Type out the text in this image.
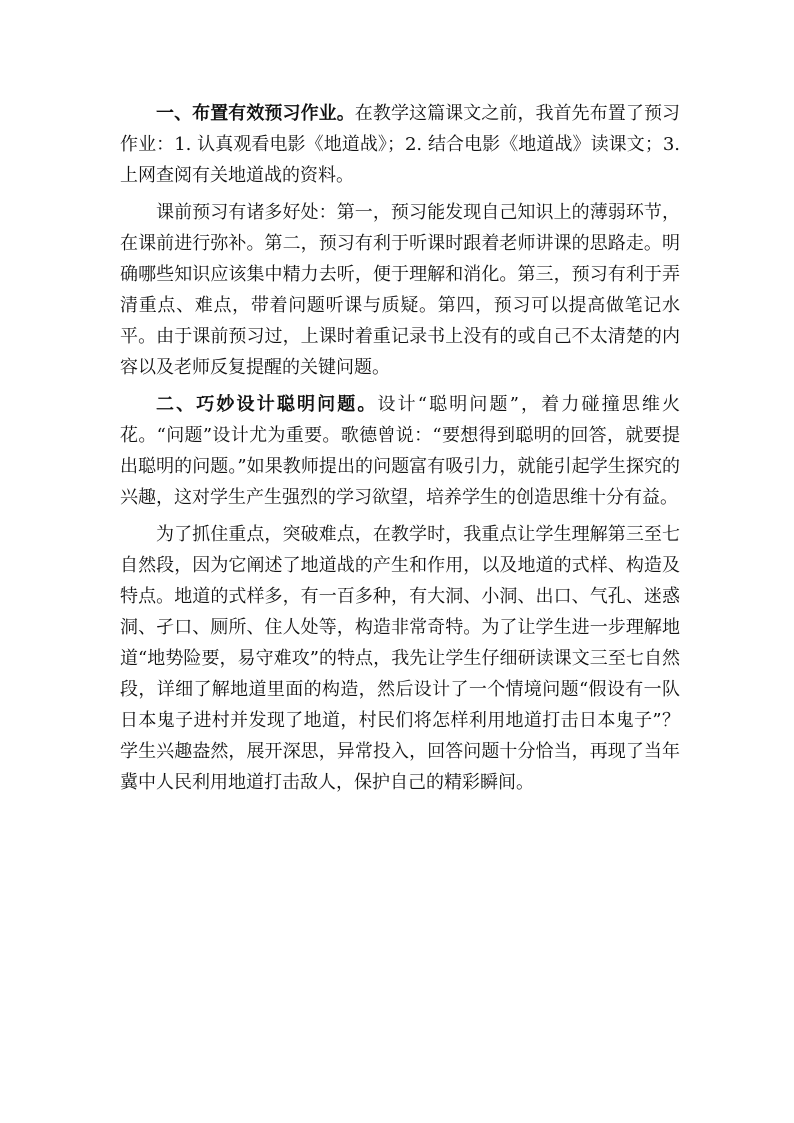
一、布置有效预习作业。在教学这篇课文之前，我首先布置了预习作业：1. 认真观看电影《地道战》；2. 结合电影《地道战》读课文；3. 上网查阅有关地道战的资料。

课前预习有诸多好处：第一，预习能发现自己知识上的薄弱环节，在课前进行弥补。第二，预习有利于听课时跟着老师讲课的思路走。明确哪些知识应该集中精力去听，便于理解和消化。第三，预习有利于弄清重点、难点，带着问题听课与质疑。第四，预习可以提高做笔记水平。由于课前预习过，上课时着重记录书上没有的或自己不太清楚的内容以及老师反复提醒的关键问题。

二、巧妙设计聪明问题。设计“聪明问题”，着力碰撞思维火花。“问题”设计尤为重要。歌德曾说：“要想得到聪明的回答，就要提出聪明的问题。”如果教师提出的问题富有吸引力，就能引起学生探究的兴趣，这对学生产生强烈的学习欲望，培养学生的创造思维十分有益。

为了抓住重点，突破难点，在教学时，我重点让学生理解第三至七自然段，因为它阐述了地道战的产生和作用，以及地道的式样、构造及特点。地道的式样多，有一百多种，有大洞、小洞、出口、气孔、迷惑洞、孑口、厕所、住人处等，构造非常奇特。为了让学生进一步理解地道“地势险要，易守难攻”的特点，我先让学生仔细研读课文三至七自然段，详细了解地道里面的构造，然后设计了一个情境问题“假设有一队日本鬼子进村并发现了地道，村民们将怎样利用地道打击日本鬼子”？学生兴趣盎然，展开深思，异常投入，回答问题十分恰当，再现了当年冀中人民利用地道打击敌人，保护自己的精彩瞬间。
